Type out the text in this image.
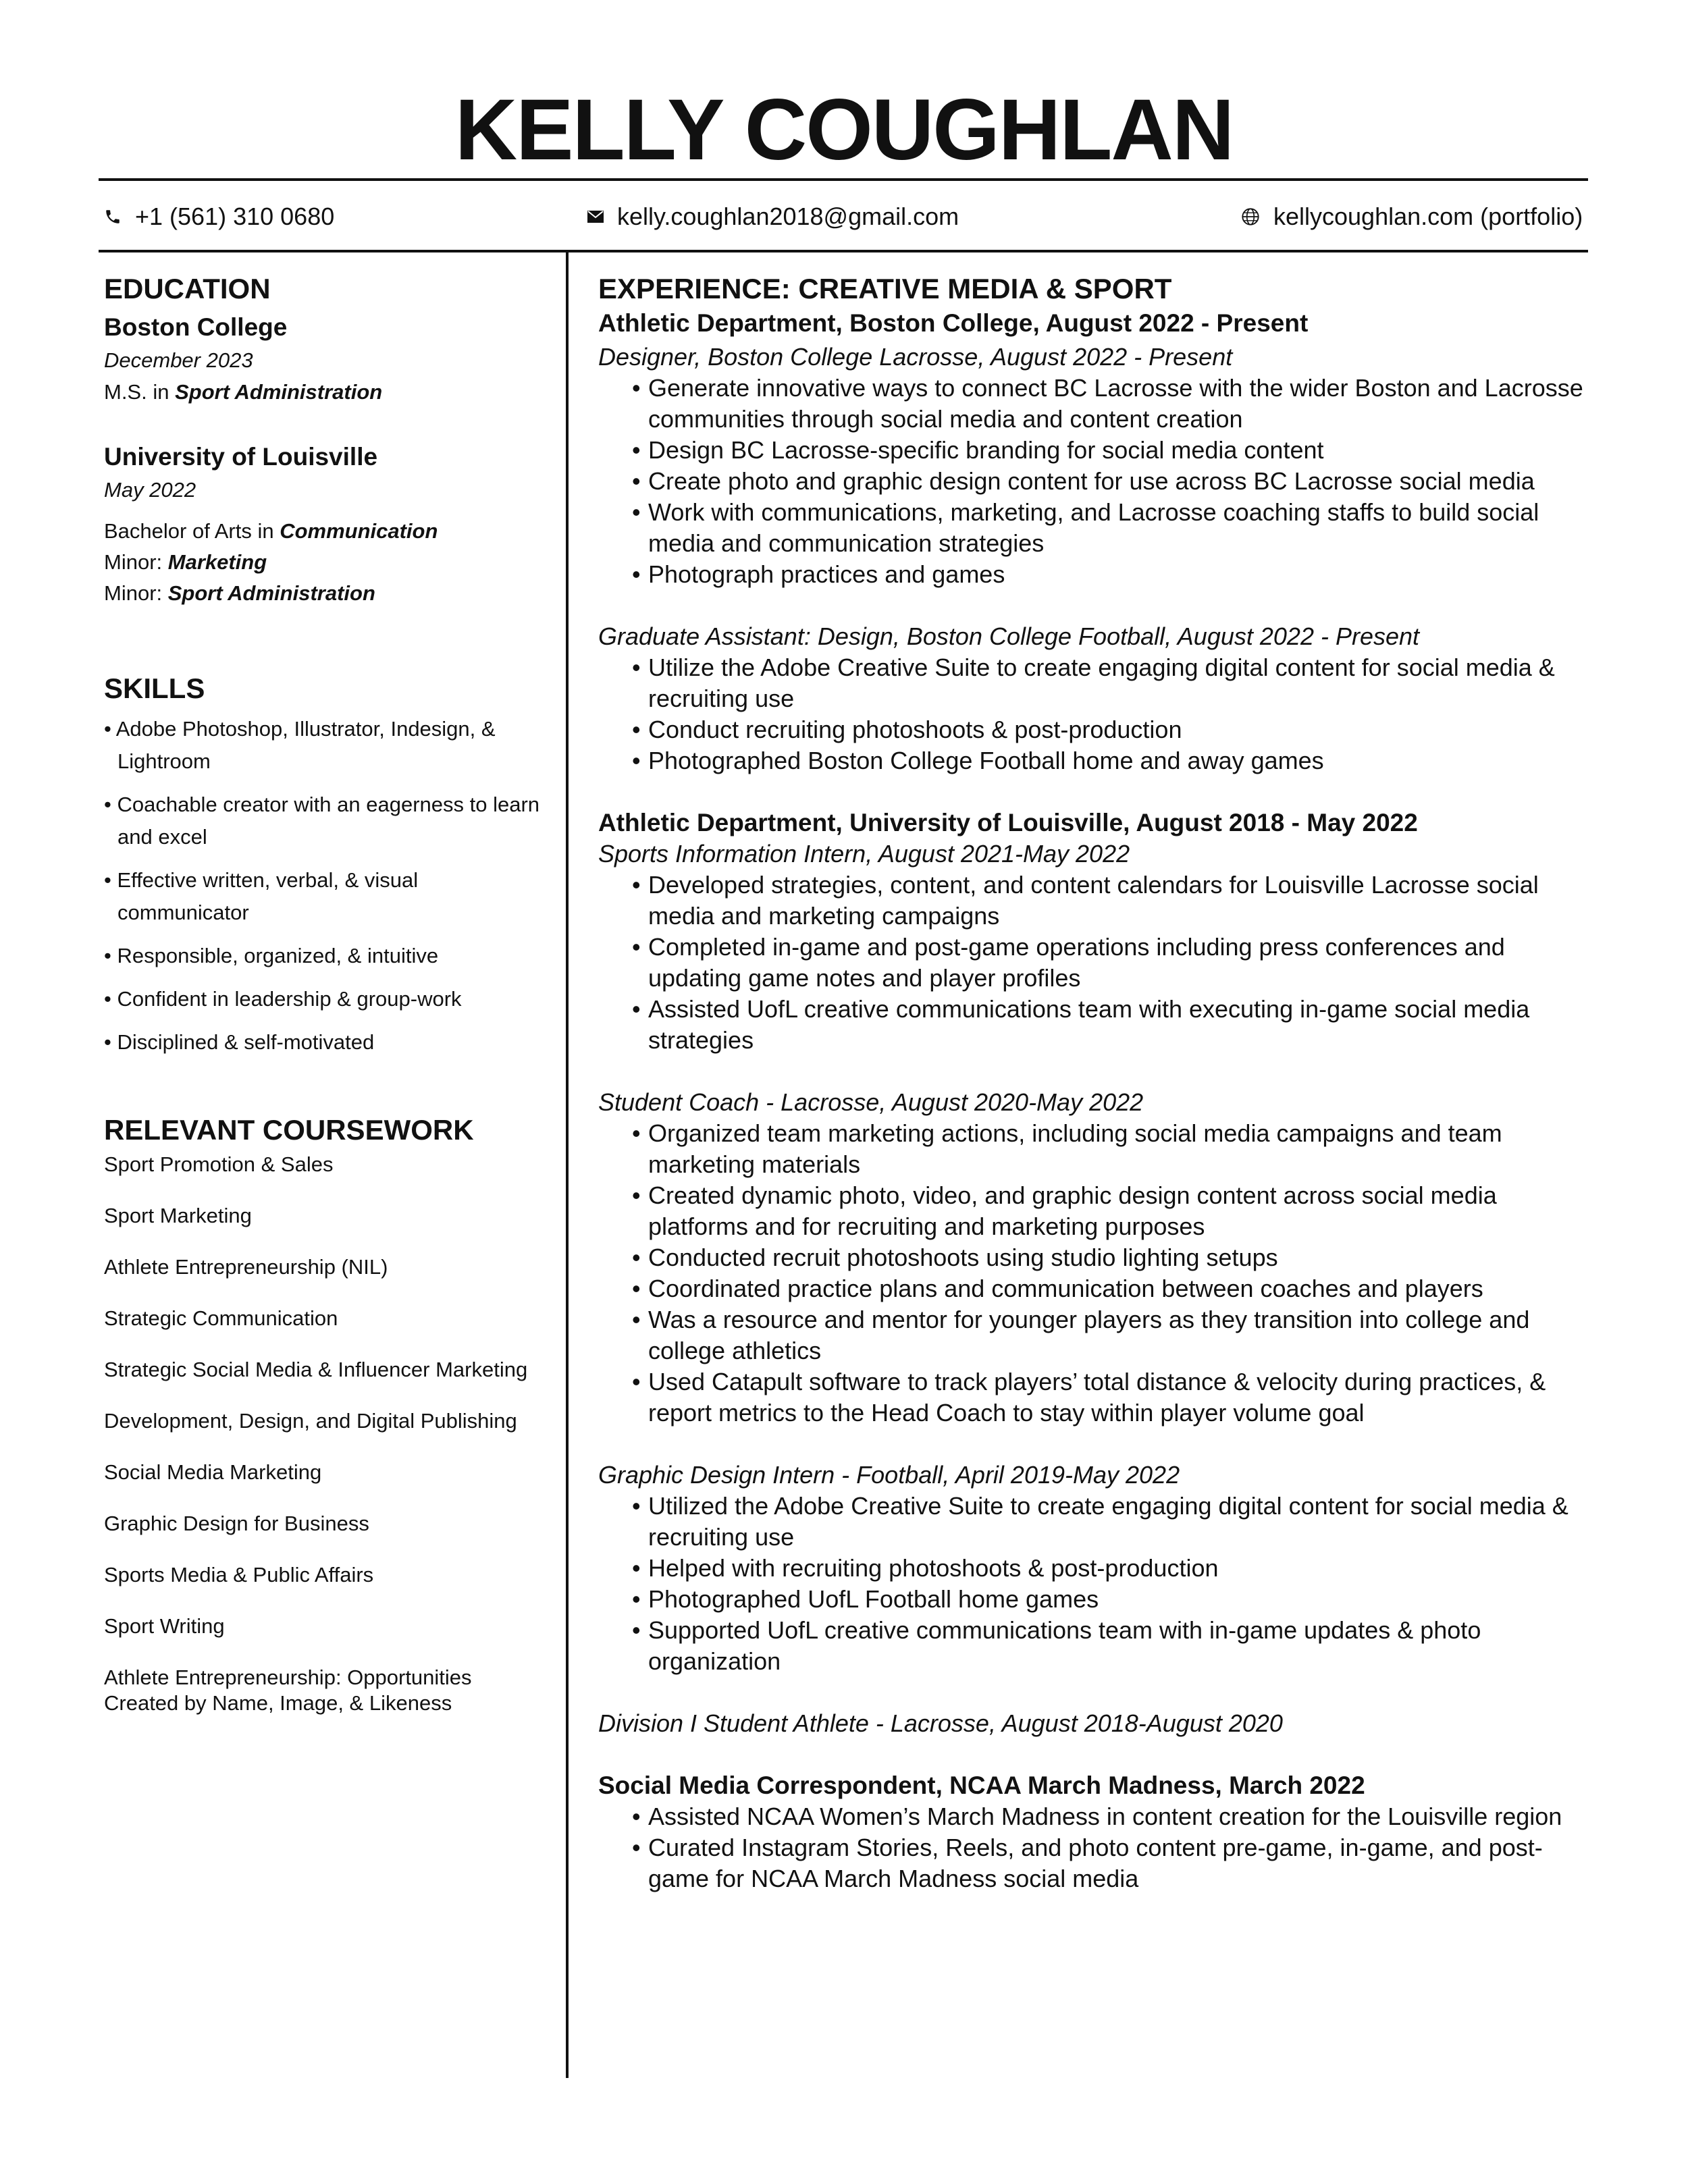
KELLY COUGHLAN
+1 (561) 310 0680	kelly.coughlan2018@gmail.com	kellycoughlan.com (portfolio)
EDUCATION
Boston College
December 2023
M.S. in Sport Administration
University of Louisville
May 2022
Bachelor of Arts in Communication
Minor: Marketing
Minor: Sport Administration
SKILLS
• Adobe Photoshop, Illustrator, Indesign, & Lightroom
• Coachable creator with an eagerness to learn and excel
• Effective written, verbal, & visual communicator
• Responsible, organized, & intuitive
• Confident in leadership & group-work
• Disciplined & self-motivated
RELEVANT COURSEWORK
Sport Promotion & Sales
Sport Marketing
Athlete Entrepreneurship (NIL)
Strategic Communication
Strategic Social Media & Influencer Marketing
Development, Design, and Digital Publishing
Social Media Marketing
Graphic Design for Business
Sports Media & Public Affairs
Sport Writing
Athlete Entrepreneurship: Opportunities Created by Name, Image, & Likeness
EXPERIENCE: CREATIVE MEDIA & SPORT
Athletic Department, Boston College, August 2022 - Present
Designer, Boston College Lacrosse, August 2022 - Present
• Generate innovative ways to connect BC Lacrosse with the wider Boston and Lacrosse communities through social media and content creation
• Design BC Lacrosse-specific branding for social media content
• Create photo and graphic design content for use across BC Lacrosse social media
• Work with communications, marketing, and Lacrosse coaching staffs to build social media and communication strategies
• Photograph practices and games
Graduate Assistant: Design, Boston College Football, August 2022 - Present
• Utilize the Adobe Creative Suite to create engaging digital content for social media & recruiting use
• Conduct recruiting photoshoots & post-production
• Photographed Boston College Football home and away games
Athletic Department, University of Louisville, August 2018 - May 2022
Sports Information Intern, August 2021-May 2022
• Developed strategies, content, and content calendars for Louisville Lacrosse social media and marketing campaigns
• Completed in-game and post-game operations including press conferences and updating game notes and player profiles
• Assisted UofL creative communications team with executing in-game social media strategies
Student Coach - Lacrosse, August 2020-May 2022
• Organized team marketing actions, including social media campaigns and team marketing materials
• Created dynamic photo, video, and graphic design content across social media platforms and for recruiting and marketing purposes
• Conducted recruit photoshoots using studio lighting setups
• Coordinated practice plans and communication between coaches and players
• Was a resource and mentor for younger players as they transition into college and college athletics
• Used Catapult software to track players’ total distance & velocity during practices, & report metrics to the Head Coach to stay within player volume goal
Graphic Design Intern - Football, April 2019-May 2022
• Utilized the Adobe Creative Suite to create engaging digital content for social media & recruiting use
• Helped with recruiting photoshoots & post-production
• Photographed UofL Football home games
• Supported UofL creative communications team with in-game updates & photo organization
Division I Student Athlete - Lacrosse, August 2018-August 2020
Social Media Correspondent, NCAA March Madness, March 2022
• Assisted NCAA Women’s March Madness in content creation for the Louisville region
• Curated Instagram Stories, Reels, and photo content pre-game, in-game, and post-game for NCAA March Madness social media
